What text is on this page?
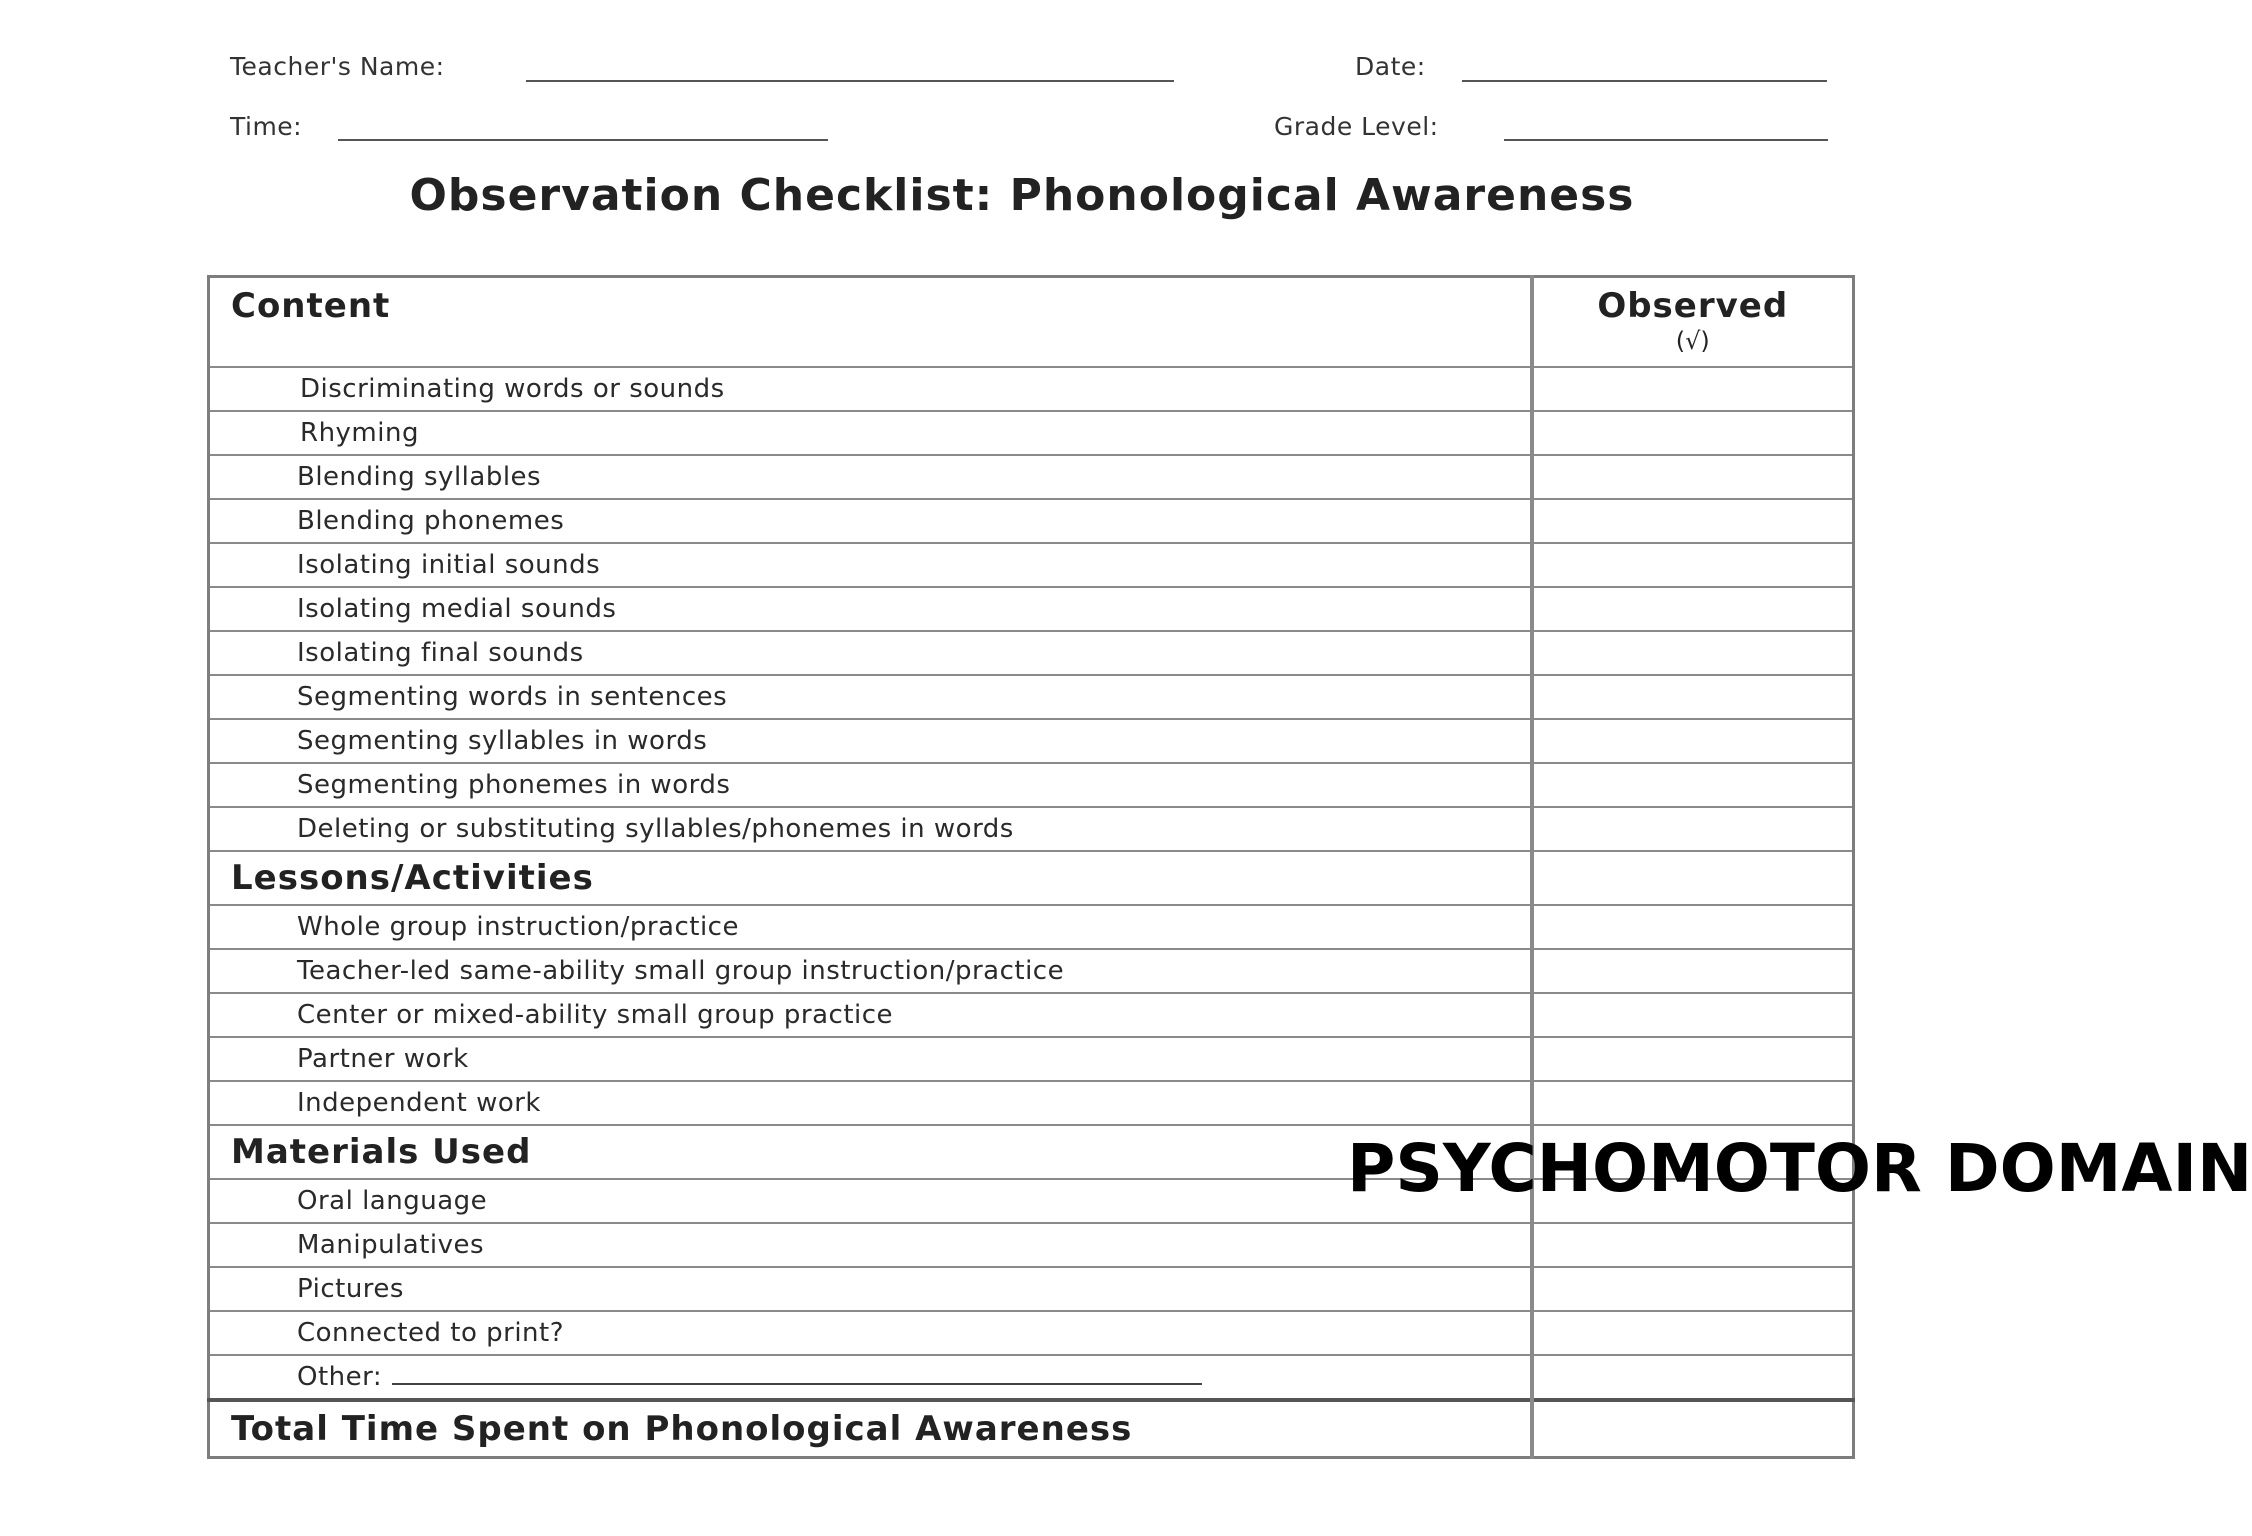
Teacher's Name:	Date:
Time:	Grade Level:
Observation Checklist: Phonological Awareness
Content	Observed
(√)

Discriminating words or sounds	

Rhyming	

Blending syllables	

Blending phonemes	

Isolating initial sounds	

Isolating medial sounds	

Isolating final sounds	

Segmenting words in sentences	

Segmenting syllables in words	

Segmenting phonemes in words	

Deleting or substituting syllables/phonemes in words	

Lessons/Activities	

Whole group instruction/practice	

Teacher-led same-ability small group instruction/practice	

Center or mixed-ability small group practice	

Partner work	

Independent work	

Materials Used	

Oral language	

Manipulatives	

Pictures	

Connected to print?	

Other:	

Total Time Spent on Phonological Awareness	

PSYCHOMOTOR DOMAIN
